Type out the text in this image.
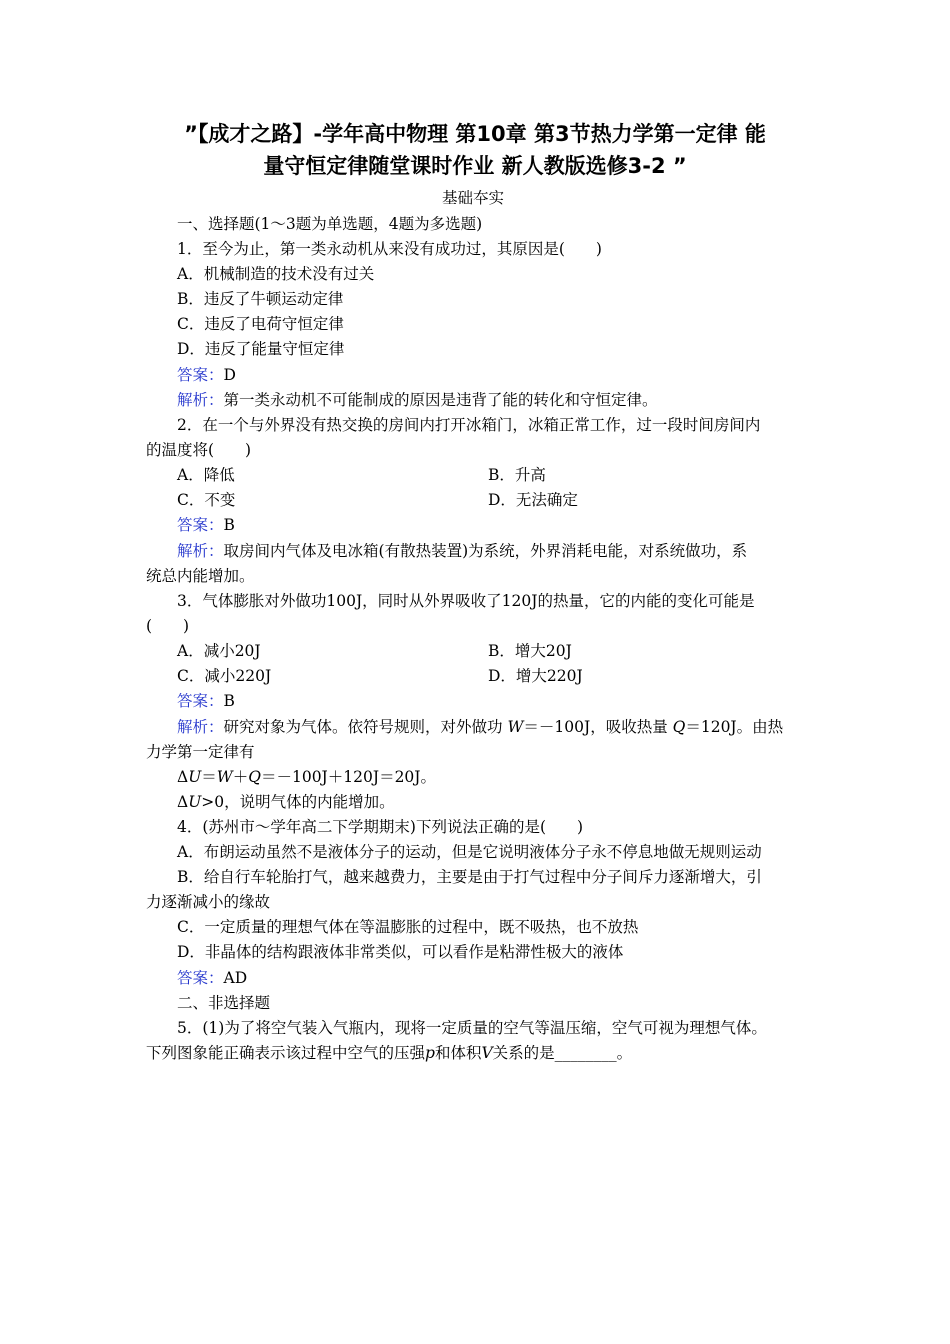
”【成才之路】-学年高中物理 第10章 第3节热力学第一定律 能
量守恒定律随堂课时作业 新人教版选修3-2 ”
基础夲实
一、选择题(1～3题为单选题，4题为多选题)
1．至今为止，第一类永动机从来没有成功过，其原因是(　　)
A．机械制造的技术没有过关
B．违反了牛顿运动定律
C．违反了电荷守恒定律
D．违反了能量守恒定律
答案：D
解析：第一类永动机不可能制成的原因是违背了能的转化和守恒定律。
2．在一个与外界没有热交换的房间内打开冰箱门，冰箱正常工作，过一段时间房间内
的温度将(　　)
A．降低	B．升高
C．不变	D．无法确定
答案：B
解析：取房间内气体及电冰箱(有散热装置)为系统，外界消耗电能，对系统做功，系
统总内能增加。
3．气体膨胀对外做功100J，同时从外界吸收了120J的热量，它的内能的变化可能是
(　　)
A．减小20J	B．增大20J
C．减小220J	D．增大220J
答案：B
解析：研究对象为气体。依符号规则，对外做功 W＝－100J，吸收热量 Q＝120J。由热
力学第一定律有
ΔU＝W＋Q＝－100J＋120J＝20J。
ΔU>0，说明气体的内能增加。
4．(苏州市～学年高二下学期期末)下列说法正确的是(　　)
A．布朗运动虽然不是液体分子的运动，但是它说明液体分子永不停息地做无规则运动
B．给自行车轮胎打气，越来越费力，主要是由于打气过程中分子间斥力逐渐增大，引
力逐渐减小的缘故
C．一定质量的理想气体在等温膨胀的过程中，既不吸热，也不放热
D．非晶体的结构跟液体非常类似，可以看作是粘滞性极大的液体
答案：AD
二、非选择题
5．(1)为了将空气装入气瓶内，现将一定质量的空气等温压缩，空气可视为理想气体。
下列图象能正确表示该过程中空气的压强p和体积V关系的是________。
